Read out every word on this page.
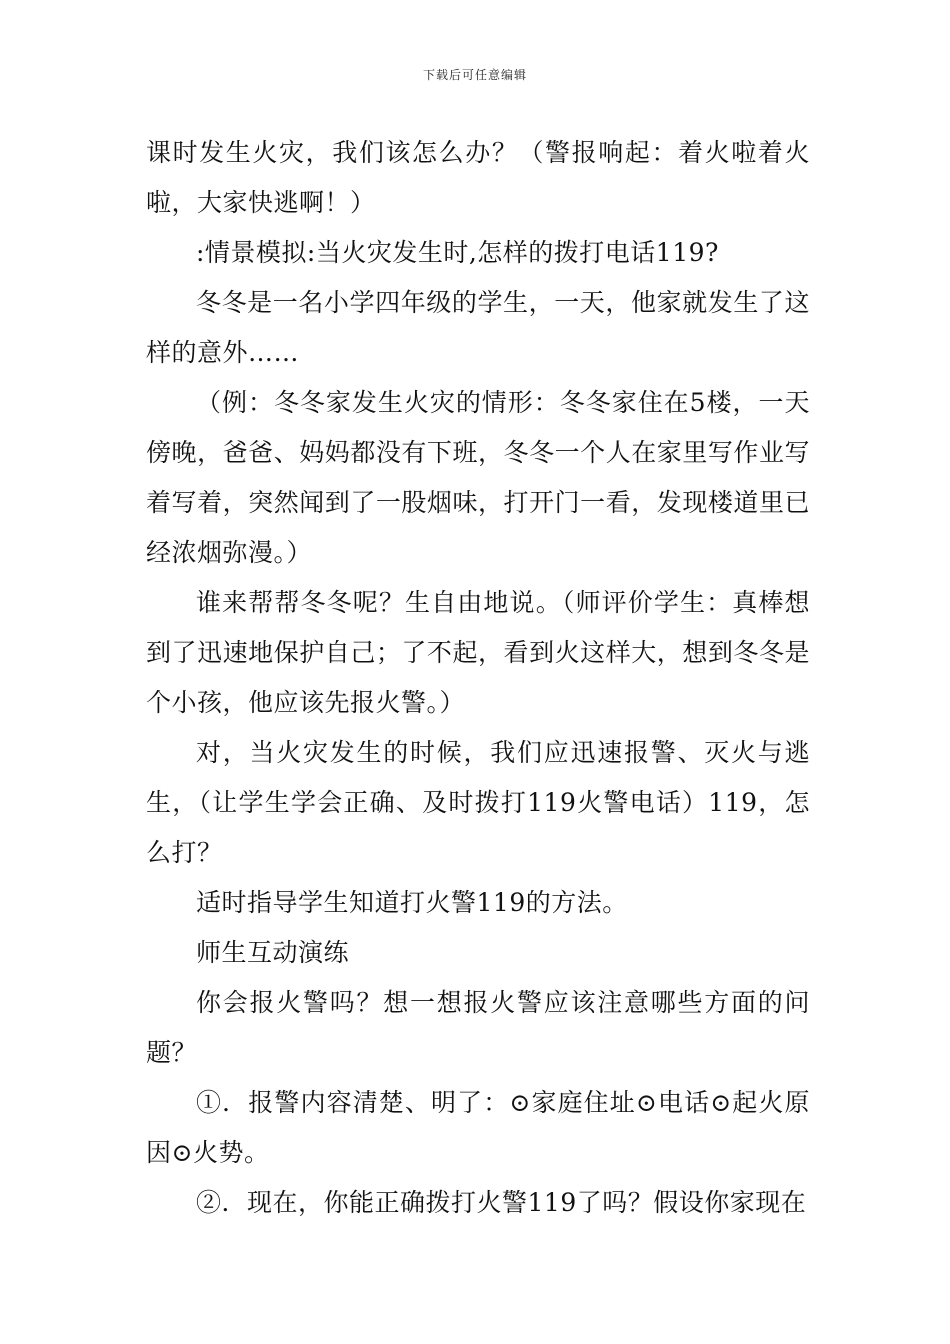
下载后可任意编辑

课时发生火灾，我们该怎么办？（警报响起：着火啦着火啦，大家快逃啊！）

:情景模拟:当火灾发生时,怎样的拨打电话119?

冬冬是一名小学四年级的学生，一天，他家就发生了这样的意外……

（例：冬冬家发生火灾的情形：冬冬家住在5楼，一天傍晚，爸爸、妈妈都没有下班，冬冬一个人在家里写作业写着写着，突然闻到了一股烟味，打开门一看，发现楼道里已经浓烟弥漫。）

谁来帮帮冬冬呢？生自由地说。（师评价学生：真棒想到了迅速地保护自己；了不起，看到火这样大，想到冬冬是个小孩，他应该先报火警。）

对，当火灾发生的时候，我们应迅速报警、灭火与逃生，（让学生学会正确、及时拨打119火警电话）119，怎么打？

适时指导学生知道打火警119的方法。

师生互动演练

你会报火警吗？想一想报火警应该注意哪些方面的问题？

①．报警内容清楚、明了：⊙家庭住址⊙电话⊙起火原因⊙火势。

②．现在，你能正确拨打火警119了吗？假设你家现在
